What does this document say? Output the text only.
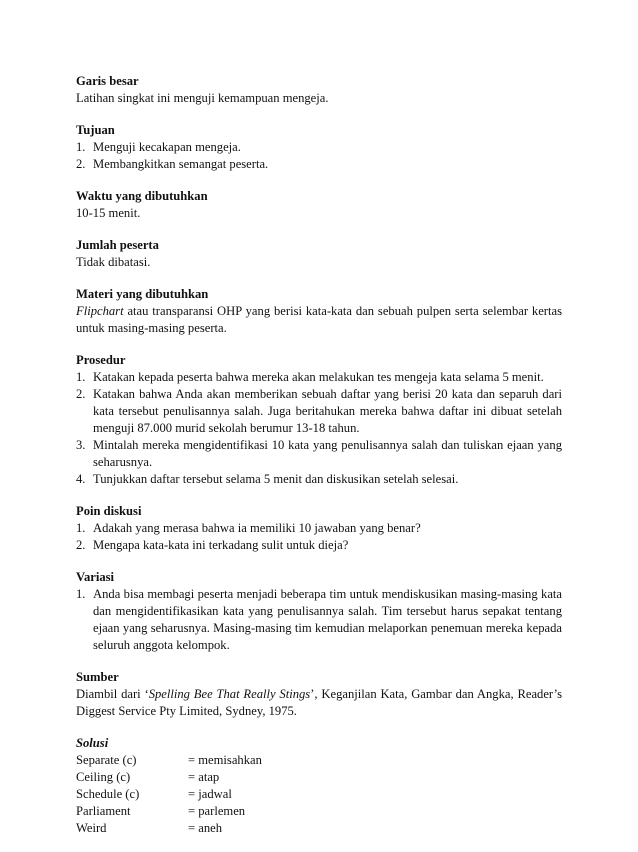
Garis besar
Latihan singkat ini menguji kemampuan mengeja.
Tujuan
1. Menguji kecakapan mengeja.
2. Membangkitkan semangat peserta.
Waktu yang dibutuhkan
10-15 menit.
Jumlah peserta
Tidak dibatasi.
Materi yang dibutuhkan
Flipchart atau transparansi OHP yang berisi kata-kata dan sebuah pulpen serta selembar kertas untuk masing-masing peserta.
Prosedur
1. Katakan kepada peserta bahwa mereka akan melakukan tes mengeja kata selama 5 menit.
2. Katakan bahwa Anda akan memberikan sebuah daftar yang berisi 20 kata dan separuh dari kata tersebut penulisannya salah. Juga beritahukan mereka bahwa daftar ini dibuat setelah menguji 87.000 murid sekolah berumur 13-18 tahun.
3. Mintalah mereka mengidentifikasi 10 kata yang penulisannya salah dan tuliskan ejaan yang seharusnya.
4. Tunjukkan daftar tersebut selama 5 menit dan diskusikan setelah selesai.
Poin diskusi
1. Adakah yang merasa bahwa ia memiliki 10 jawaban yang benar?
2. Mengapa kata-kata ini terkadang sulit untuk dieja?
Variasi
1. Anda bisa membagi peserta menjadi beberapa tim untuk mendiskusikan masing-masing kata dan mengidentifikasikan kata yang penulisannya salah. Tim tersebut harus sepakat tentang ejaan yang seharusnya. Masing-masing tim kemudian melaporkan penemuan mereka kepada seluruh anggota kelompok.
Sumber
Diambil dari ‘Spelling Bee That Really Stings’, Keganjilan Kata, Gambar dan Angka, Reader’s Diggest Service Pty Limited, Sydney, 1975.
Solusi
Separate (c)	= memisahkan
Ceiling (c)	= atap
Schedule (c)	= jadwal
Parliament	= parlemen
Weird	= aneh
